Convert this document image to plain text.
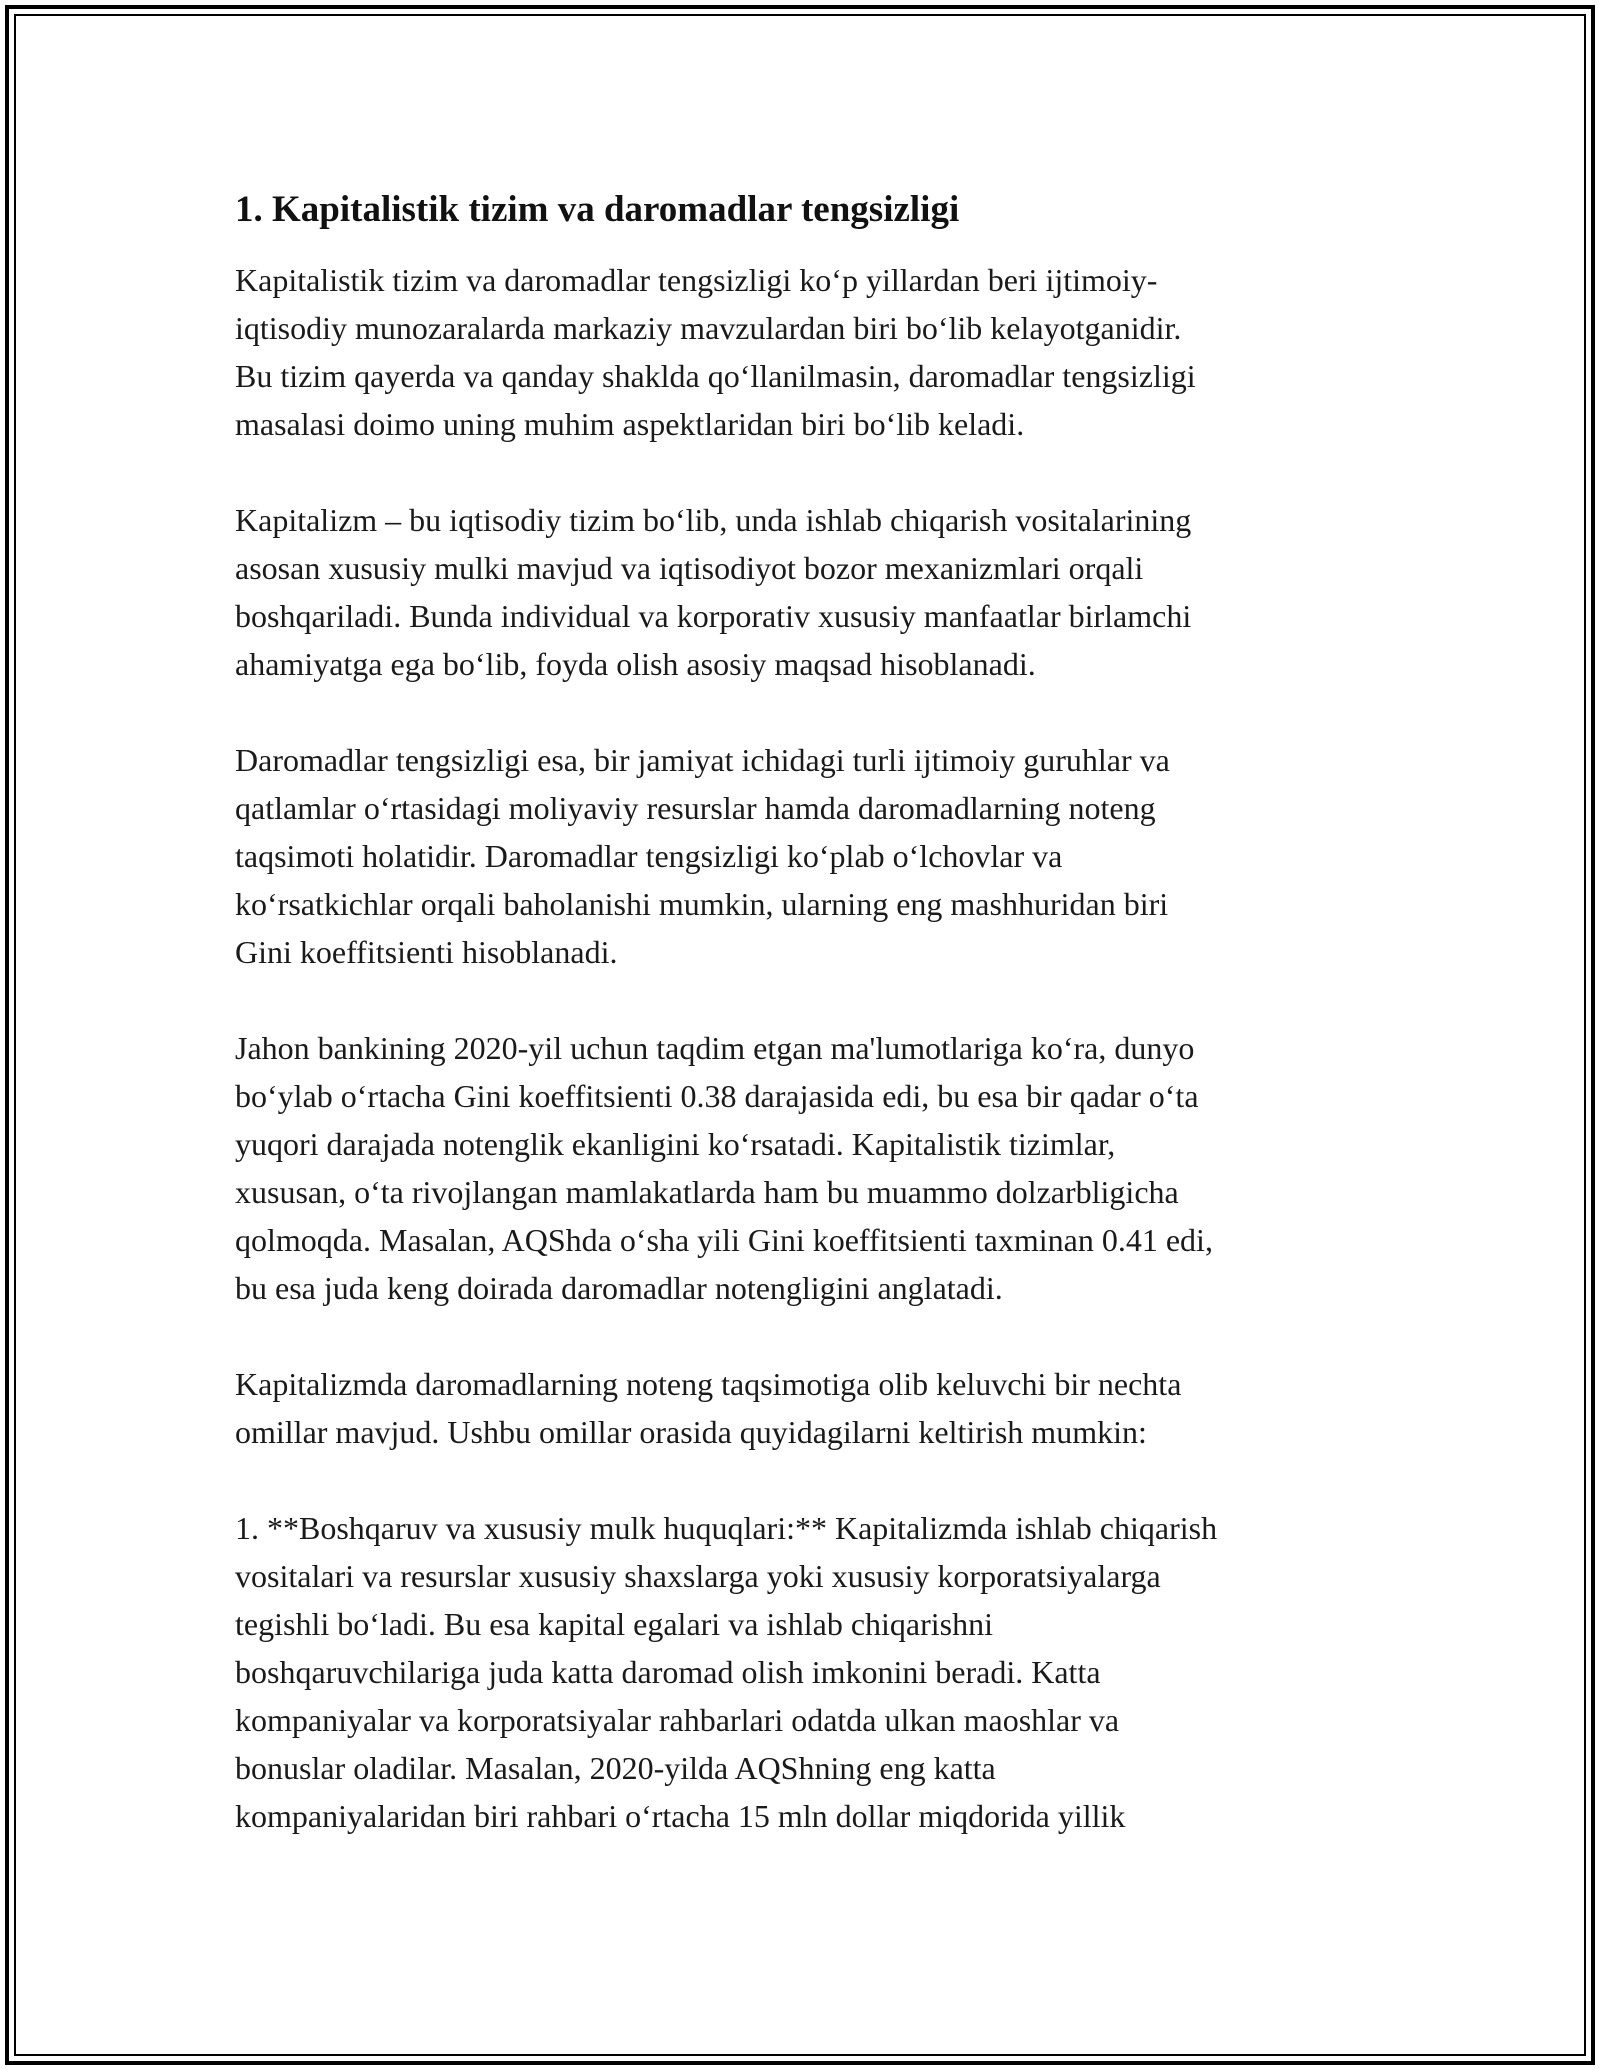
1. Kapitalistik tizim va daromadlar tengsizligi

Kapitalistik tizim va daromadlar tengsizligi ko‘p yillardan beri ijtimoiy-
iqtisodiy munozaralarda markaziy mavzulardan biri bo‘lib kelayotganidir.
Bu tizim qayerda va qanday shaklda qo‘llanilmasin, daromadlar tengsizligi
masalasi doimo uning muhim aspektlaridan biri bo‘lib keladi.

Kapitalizm – bu iqtisodiy tizim bo‘lib, unda ishlab chiqarish vositalarining
asosan xususiy mulki mavjud va iqtisodiyot bozor mexanizmlari orqali
boshqariladi. Bunda individual va korporativ xususiy manfaatlar birlamchi
ahamiyatga ega bo‘lib, foyda olish asosiy maqsad hisoblanadi.

Daromadlar tengsizligi esa, bir jamiyat ichidagi turli ijtimoiy guruhlar va
qatlamlar o‘rtasidagi moliyaviy resurslar hamda daromadlarning noteng
taqsimoti holatidir. Daromadlar tengsizligi ko‘plab o‘lchovlar va
ko‘rsatkichlar orqali baholanishi mumkin, ularning eng mashhuridan biri
Gini koeffitsienti hisoblanadi.

Jahon bankining 2020-yil uchun taqdim etgan ma'lumotlariga ko‘ra, dunyo
bo‘ylab o‘rtacha Gini koeffitsienti 0.38 darajasida edi, bu esa bir qadar o‘ta
yuqori darajada notenglik ekanligini ko‘rsatadi. Kapitalistik tizimlar,
xususan, o‘ta rivojlangan mamlakatlarda ham bu muammo dolzarbligicha
qolmoqda. Masalan, AQShda o‘sha yili Gini koeffitsienti taxminan 0.41 edi,
bu esa juda keng doirada daromadlar notengligini anglatadi.

Kapitalizmda daromadlarning noteng taqsimotiga olib keluvchi bir nechta
omillar mavjud. Ushbu omillar orasida quyidagilarni keltirish mumkin:

1. **Boshqaruv va xususiy mulk huquqlari:** Kapitalizmda ishlab chiqarish
vositalari va resurslar xususiy shaxslarga yoki xususiy korporatsiyalarga
tegishli bo‘ladi. Bu esa kapital egalari va ishlab chiqarishni
boshqaruvchilariga juda katta daromad olish imkonini beradi. Katta
kompaniyalar va korporatsiyalar rahbarlari odatda ulkan maoshlar va
bonuslar oladilar. Masalan, 2020-yilda AQShning eng katta
kompaniyalaridan biri rahbari o‘rtacha 15 mln dollar miqdorida yillik
